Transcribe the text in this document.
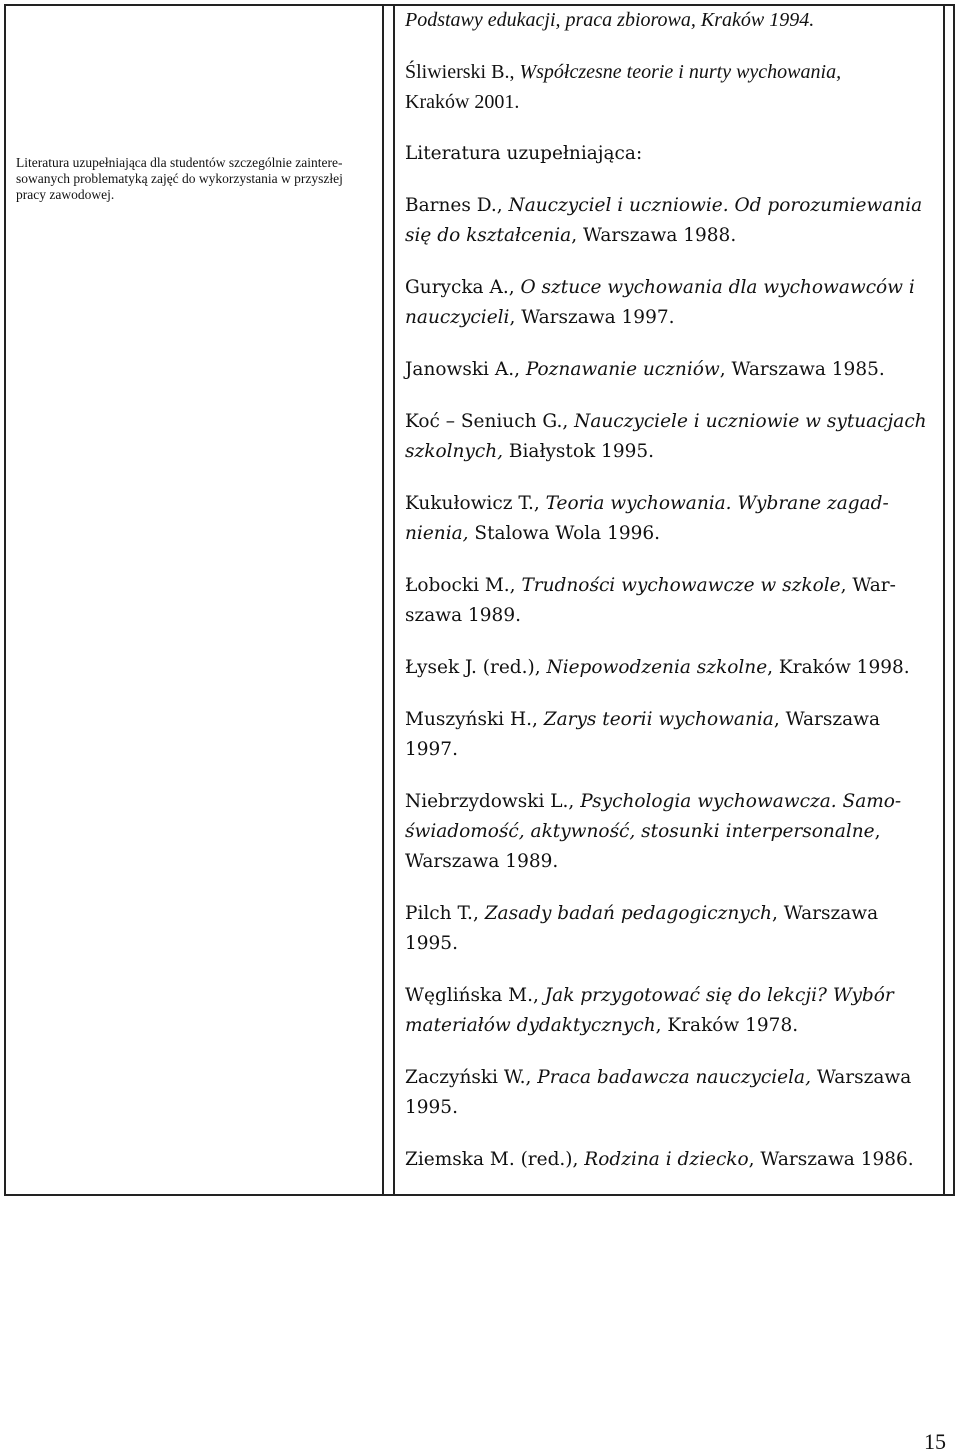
Literatura uzupełniająca dla studentów szczególnie zaintere-sowanych problematyką zajęć do wykorzystania w przyszłej pracy zawodowej.
Podstawy edukacji, praca zbiorowa, Kraków 1994.
Śliwierski B., Współczesne teorie i nurty wychowania,
Kraków 2001.
Literatura uzupełniająca:
Barnes D., Nauczyciel i uczniowie. Od porozumiewania się do kształcenia, Warszawa 1988.
Gurycka A., O sztuce wychowania dla wychowawców i nauczycieli, Warszawa 1997.
Janowski A., Poznawanie uczniów, Warszawa 1985.
Koć – Seniuch G., Nauczyciele i uczniowie w sytuacjach szkolnych, Białystok 1995.
Kukułowicz T., Teoria wychowania. Wybrane zagad-nienia, Stalowa Wola 1996.
Łobocki M., Trudności wychowawcze w szkole, War-szawa 1989.
Łysek J. (red.), Niepowodzenia szkolne, Kraków 1998.
Muszyński H., Zarys teorii wychowania, Warszawa 1997.
Niebrzydowski L., Psychologia wychowawcza. Samo-świadomość, aktywność, stosunki interpersonalne, Warszawa 1989.
Pilch T., Zasady badań pedagogicznych, Warszawa 1995.
Węglińska M., Jak przygotować się do lekcji? Wybór materiałów dydaktycznych, Kraków 1978.
Zaczyński W., Praca badawcza nauczyciela, Warszawa 1995.
Ziemska M. (red.), Rodzina i dziecko, Warszawa 1986.
15
